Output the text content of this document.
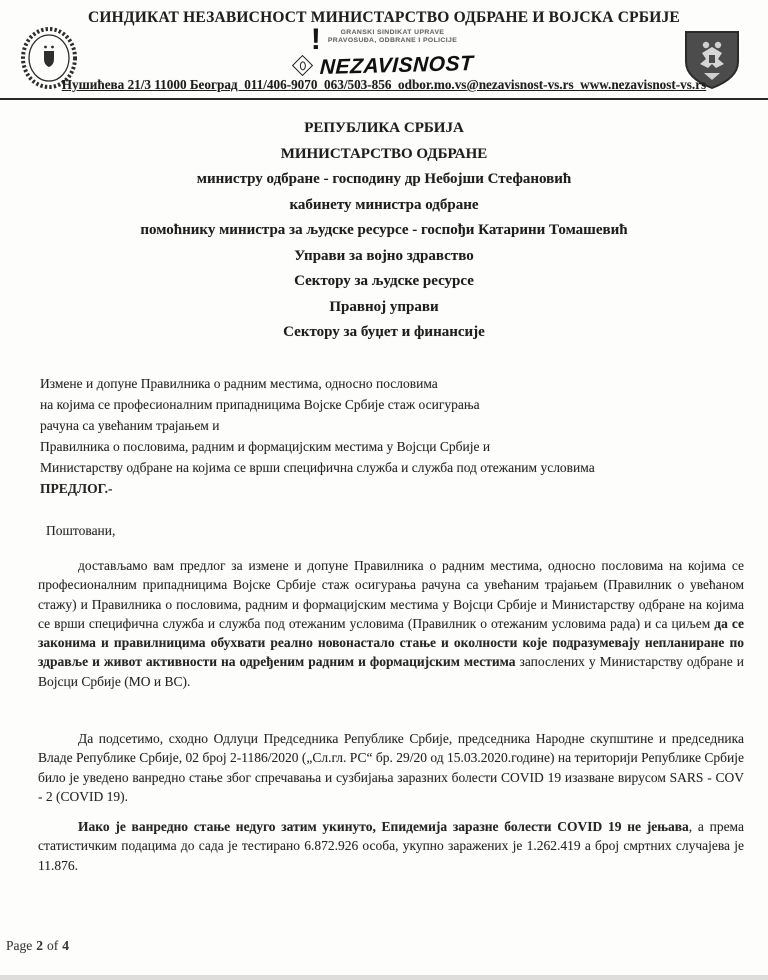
СИНДИКАТ НЕЗАВИСНОСТ МИНИСТАРСТВО ОДБРАНЕ И ВОЈСКА СРБИЈЕ
!	GRANSKI SINDIKAT UPRAVE
PRAVOSUĐA, ODBRANE I POLICIJE
NEZAVISNOST
Нушићева 21/3 11000 Београд  011/406-9070  063/503-856  odbor.mo.vs@nezavisnost-vs.rs  www.nezavisnost-vs.rs
РЕПУБЛИКА СРБИЈА
МИНИСТАРСТВО ОДБРАНЕ
министру одбране - господину др Небојши Стефановић
кабинету министра одбране
помоћнику министра за људске ресурсе - госпођи Катарини Томашевић
Управи за војно здравство
Сектору за људске ресурсе
Правној управи
Сектору за буџет и финансије
Измене и допуне Правилника о радним местима, односно пословима
на којима се професионалним припадницима Војске Србије стаж осигурања
рачуна са увећаним трајањем и
Правилника о пословима, радним и формацијским местима у Војсци Србије и
Министарству одбране на којима се врши специфична служба и служба под отежаним условима
ПРЕДЛОГ.-
Поштовани,
достављамо вам предлог за измене и допуне Правилника о радним местима, односно пословима на којима се професионалним припадницима Војске Србије стаж осигурања рачуна са увећаним трајањем (Правилник о увећаном стажу) и Правилника о пословима, радним и формацијским местима у Војсци Србије и Министарству одбране на којима се врши специфична служба и служба под отежаним условима (Правилник о отежаним условима рада) и са циљем да се законима и правилницима обухвати реално новонастало стање и околности које подразумевају непланиране по здравље и живот активности на одређеним радним и формацијским местима запослених у Министарству одбране и Војсци Србије (МО и ВС).
Да подсетимо, сходно Одлуци Председника Републике Србије, председника Народне скупштине и председника Владе Републике Србије, 02 број 2-1186/2020 („Сл.гл. РС“ бр. 29/20 од 15.03.2020.године) на територији Републике Србије било је уведено ванредно стање због спречавања и сузбијања заразних болести COVID 19 изазване вирусом SARS - COV - 2 (COVID 19).
Иако је ванредно стање недуго затим укинуто, Епидемија заразне болести COVID 19 не јењава, а према статистичким подацима до сада је тестирано 6.872.926 особа, укупно заражених је 1.262.419 а број смртних случајева је 11.876.
Page 2 of 4
